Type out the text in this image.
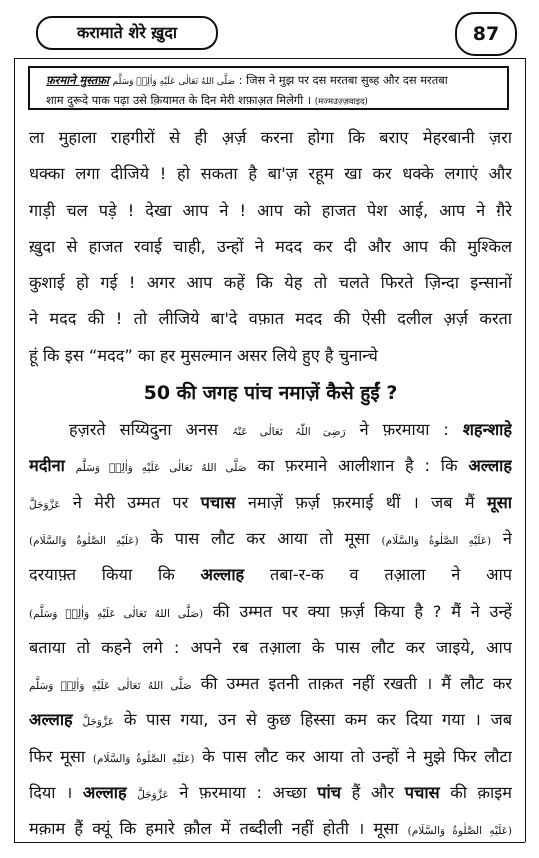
करामाते शेरे ख़ुदा	87
फ़रमाने मुस्तफ़ा صَلَّى اللهُ تَعَالٰى عَلَيْهِ وَاٰلِهٖ وَسَلَّم : जिस ने मुझ पर दस मरतबा सुब्ह और दस मरतबा
शाम दुरूदे पाक पढ़ा उसे क़ियामत के दिन मेरी शफ़ाअ़त मिलेगी । (मज्मउज़्ज़वाइद)
ला मुहाला राहगीरों से ही अ़र्ज़ करना होगा कि बराए मेहरबानी ज़रा
धक्का लगा दीजिये ! हो सकता है बा'ज़ रहूम खा कर धक्के लगाएं और
गाड़ी चल पड़े ! देखा आप ने ! आप को हाजत पेश आई, आप ने ग़ैरे
ख़ुदा से हाजत रवाई चाही, उन्हों ने मदद कर दी और आप की मुश्किल
कुशाई हो गई ! अगर आप कहें कि येह तो चलते फिरते ज़िन्दा इन्सानों
ने मदद की ! तो लीजिये बा'दे वफ़ात मदद की ऐसी दलील अ़र्ज़ करता
हूं कि इस “मदद” का हर मुसल्मान असर लिये हुए है चुनान्चे
50 की जगह पांच नमाज़ें कैसे हुईं ?
हज़रते सय्यिदुना अनस رَضِیَ اللّٰہُ تَعَالٰی عَنْہُ ने फ़रमाया : शहन्शाहे
मदीना صَلَّى اللهُ تَعَالٰى عَلَيْهِ وَاٰلِهٖ وَسَلَّم का फ़रमाने आलीशान है : कि अल्लाह
عَزَّوَجَلَّ ने मेरी उम्मत पर पचास नमाज़ें फ़र्ज़ फ़रमाई थीं । जब मैं मूसा
(عَلَيْهِ الصَّلٰوةُ وَالسَّلَام) के पास लौट कर आया तो मूसा (عَلَيْهِ الصَّلٰوةُ وَالسَّلَام) ने
दरयाफ़्त किया कि अल्लाह तबा-र-क व तआ़ला ने आप
(صَلَّى اللهُ تَعَالٰى عَلَيْهِ وَاٰلِهٖ وَسَلَّم) की उम्मत पर क्या फ़र्ज़ किया है ? मैं ने उन्हें
बताया तो कहने लगे : अपने रब तआ़ला के पास लौट कर जाइये, आप
صَلَّى اللهُ تَعَالٰى عَلَيْهِ وَاٰلِهٖ وَسَلَّم की उम्मत इतनी ताक़त नहीं रखती । मैं लौट कर
अल्लाह عَزَّوَجَلَّ के पास गया, उन से कुछ हिस्सा कम कर दिया गया । जब
फिर मूसा (عَلَيْهِ الصَّلٰوةُ وَالسَّلَام) के पास लौट कर आया तो उन्हों ने मुझे फिर लौटा
दिया । अल्लाह عَزَّوَجَلَّ ने फ़रमाया : अच्छा पांच हैं और पचास की क़ाइम
मक़ाम हैं क्यूं कि हमारे क़ौल में तब्दीली नहीं होती । मूसा (عَلَيْهِ الصَّلٰوةُ وَالسَّلَام)
